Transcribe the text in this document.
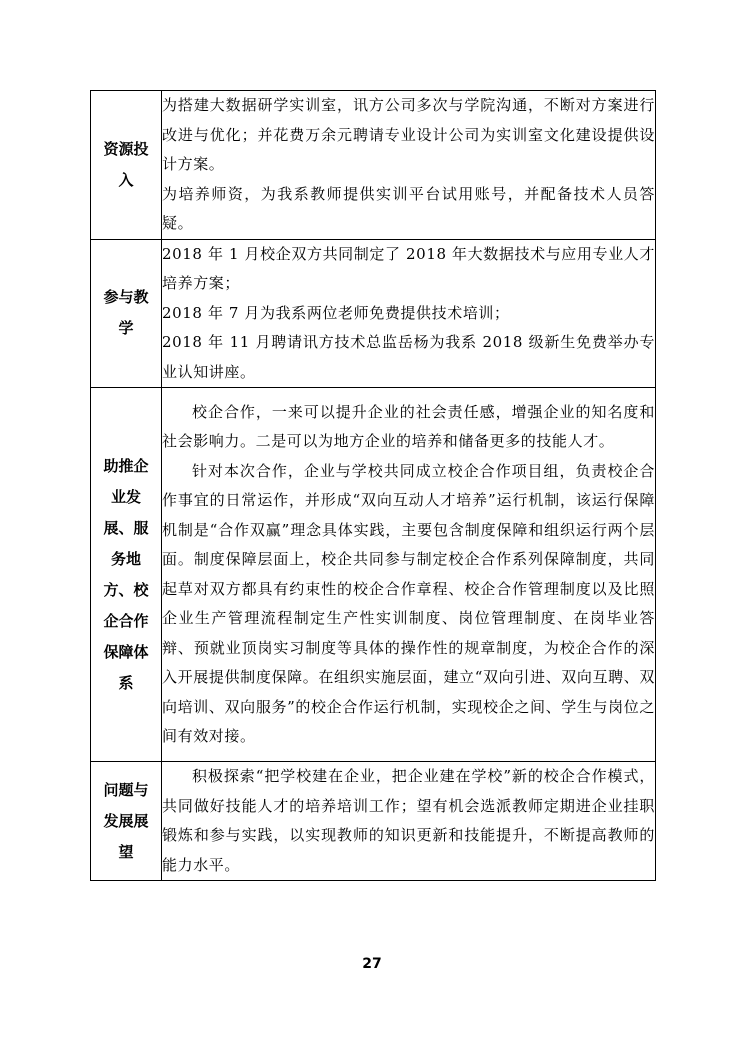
资源投入	为搭建大数据研学实训室，讯方公司多次与学院沟通，不断对方案进行改进与优化；并花费万余元聘请专业设计公司为实训室文化建设提供设计方案。

为培养师资，为我系教师提供实训平台试用账号，并配备技术人员答疑。

参与教学	2018 年 1 月校企双方共同制定了 2018 年大数据技术与应用专业人才培养方案；

2018 年 7 月为我系两位老师免费提供技术培训；

2018 年 11 月聘请讯方技术总监岳杨为我系 2018 级新生免费举办专业认知讲座。

助推企业发展、服务地方、校企合作保障体系	校企合作，一来可以提升企业的社会责任感，增强企业的知名度和社会影响力。二是可以为地方企业的培养和储备更多的技能人才。

针对本次合作，企业与学校共同成立校企合作项目组，负责校企合作事宜的日常运作，并形成“双向互动人才培养”运行机制，该运行保障机制是“合作双赢”理念具体实践，主要包含制度保障和组织运行两个层面。制度保障层面上，校企共同参与制定校企合作系列保障制度，共同起草对双方都具有约束性的校企合作章程、校企合作管理制度以及比照企业生产管理流程制定生产性实训制度、岗位管理制度、在岗毕业答辩、预就业顶岗实习制度等具体的操作性的规章制度，为校企合作的深入开展提供制度保障。在组织实施层面，建立“双向引进、双向互聘、双向培训、双向服务”的校企合作运行机制，实现校企之间、学生与岗位之间有效对接。

问题与发展展望	积极探索“把学校建在企业，把企业建在学校”新的校企合作模式，共同做好技能人才的培养培训工作；望有机会选派教师定期进企业挂职锻炼和参与实践，以实现教师的知识更新和技能提升，不断提高教师的能力水平。

27
